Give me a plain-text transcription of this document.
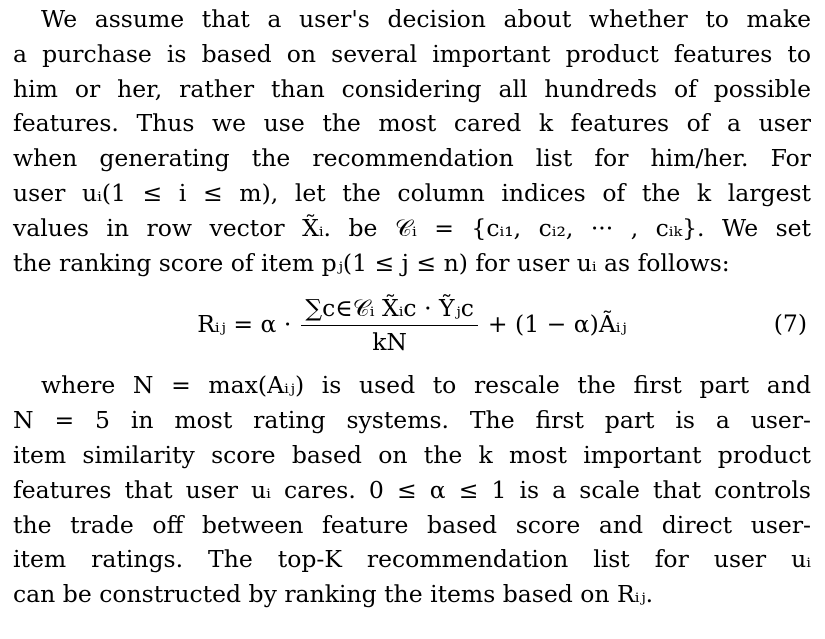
We assume that a user's decision about whether to make

a purchase is based on several important product features to

him or her, rather than considering all hundreds of possible

features. Thus we use the most cared k features of a user

when generating the recommendation list for him/her. For

user uᵢ(1 ≤ i ≤ m), let the column indices of the k largest

values in row vector X̃ᵢ. be 𝒞ᵢ = {cᵢ₁, cᵢ₂, ··· , cᵢₖ}. We set

the ranking score of item pⱼ(1 ≤ j ≤ n) for user uᵢ as follows:

Rᵢⱼ = $\alpha \cdot \frac{\text{∑c∈𝒞ᵢ X̃ᵢc · Ỹⱼc}}{kN} + (1$ − α)Ãᵢⱼ	(7)

where N = max(Aᵢⱼ) is used to rescale the first part and

N = 5 in most rating systems. The first part is a user-

item similarity score based on the k most important product

features that user uᵢ cares. 0 ≤ α ≤ 1 is a scale that controls

the trade off between feature based score and direct user-

item ratings. The top-K recommendation list for user uᵢ

can be constructed by ranking the items based on Rᵢⱼ.
